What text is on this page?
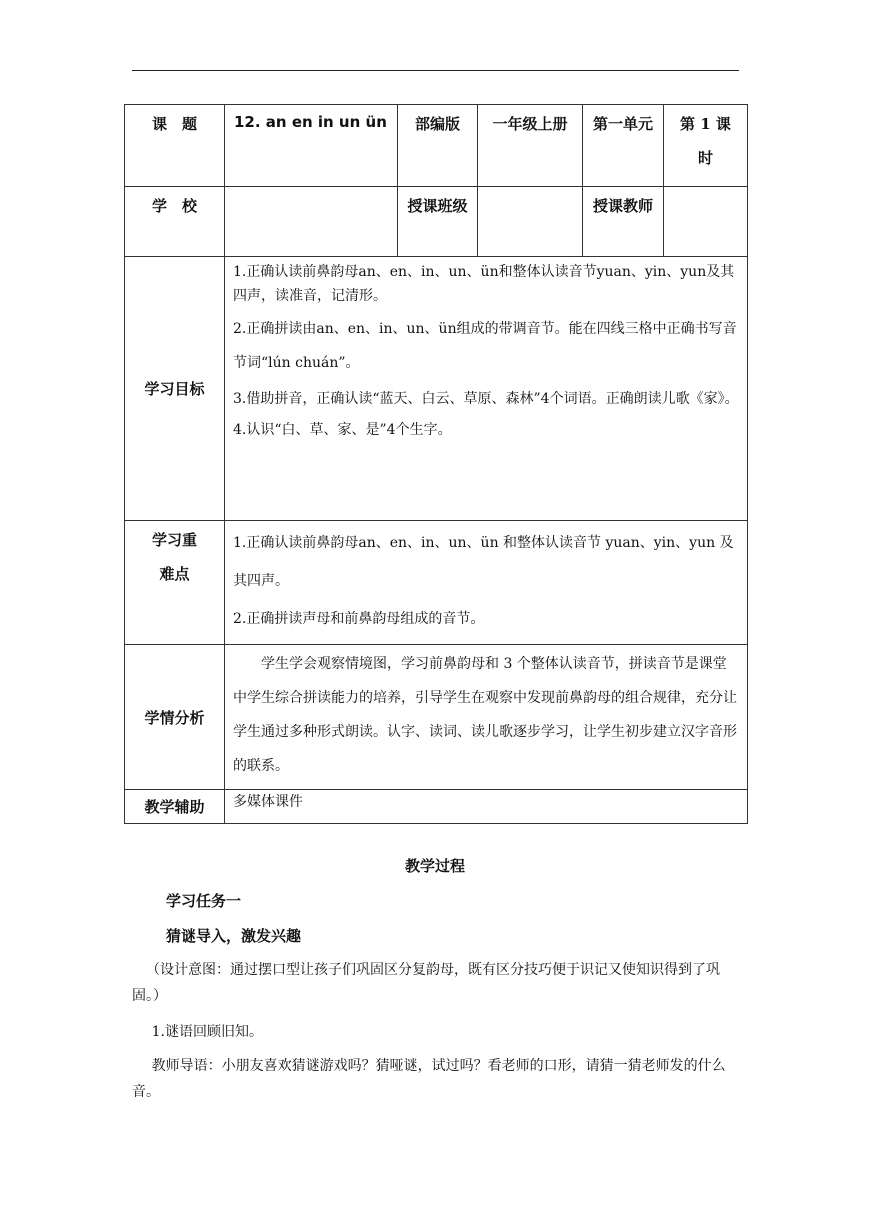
课　题	12. an en in un ün	部编版	一年级上册	第一单元	第 1 课时
学　校		授课班级		授课教师	
学习目标	1.正确认读前鼻韵母an、en、in、un、ün和整体认读音节yuan、yin、yun及其四声，读准音，记清形。

2.正确拼读由an、en、in、un、ün组成的带调音节。能在四线三格中正确书写音节词“lún chuán”。

3.借助拼音，正确认读“蓝天、白云、草原、森林”4个词语。正确朗读儿歌《家》。

4.认识“白、草、家、是”4个生字。				

学习重难点	1.正确认读前鼻韵母an、en、in、un、ün 和整体认读音节 yuan、yin、yun 及其四声。

2.正确拼读声母和前鼻韵母组成的音节。				

学情分析	学生学会观察情境图，学习前鼻韵母和 3 个整体认读音节，拼读音节是课堂中学生综合拼读能力的培养，引导学生在观察中发现前鼻韵母的组合规律，充分让学生通过多种形式朗读。认字、读词、读儿歌逐步学习，让学生初步建立汉字音形的联系。				

教学辅助	多媒体课件				
教学过程
学习任务一
猜谜导入，激发兴趣
（设计意图：通过摆口型让孩子们巩固区分复韵母，既有区分技巧便于识记又使知识得到了巩固。）
1.谜语回顾旧知。
教师导语：小朋友喜欢猜谜游戏吗？猜哑谜，试过吗？看老师的口形，请猜一猜老师发的什么音。
